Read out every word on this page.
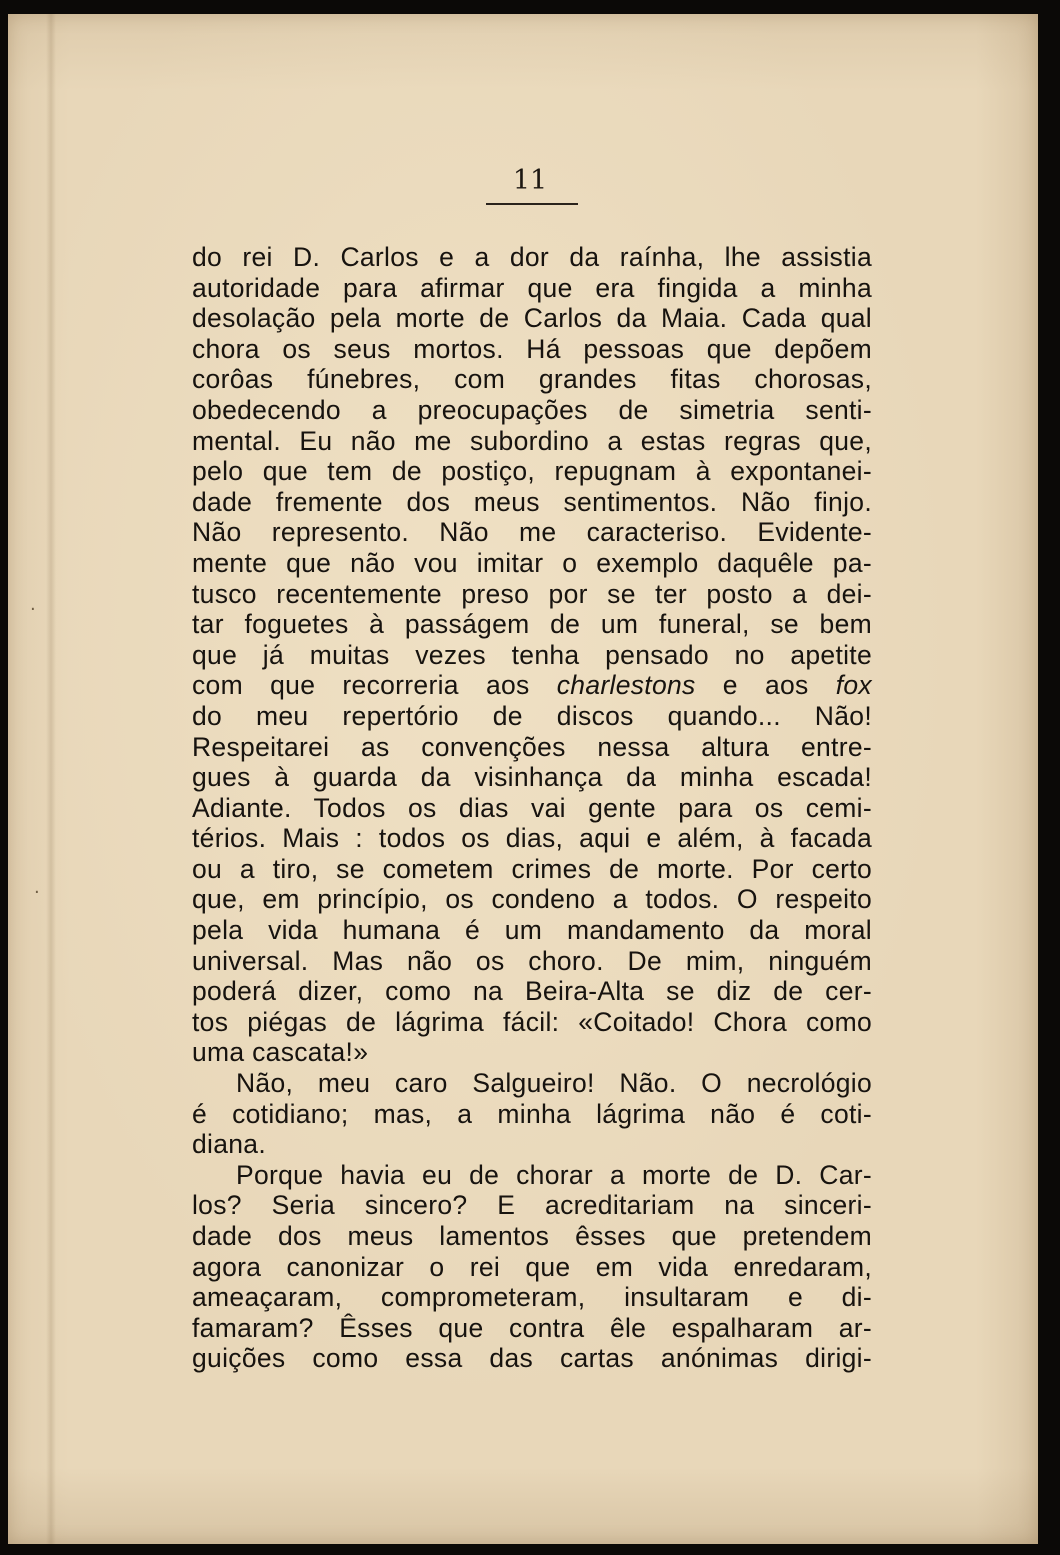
·
·
11
do rei D. Carlos e a dor da raínha, lhe assistia
autoridade para afirmar que era fingida a minha
desolação pela morte de Carlos da Maia. Cada qual
chora os seus mortos. Há pessoas que depõem
corôas fúnebres, com grandes fitas chorosas,
obedecendo a preocupações de simetria senti-
mental. Eu não me subordino a estas regras que,
pelo que tem de postiço, repugnam à expontanei-
dade fremente dos meus sentimentos. Não finjo.
Não represento. Não me caracteriso. Evidente-
mente que não vou imitar o exemplo daquêle pa-
tusco recentemente preso por se ter posto a dei-
tar foguetes à passágem de um funeral, se bem
que já muitas vezes tenha pensado no apetite
com que recorreria aos charlestons e aos fox
do meu repertório de discos quando... Não!
Respeitarei as convenções nessa altura entre-
gues à guarda da visinhança da minha escada!
Adiante. Todos os dias vai gente para os cemi-
térios. Mais : todos os dias, aqui e além, à facada
ou a tiro, se cometem crimes de morte. Por certo
que, em princípio, os condeno a todos. O respeito
pela vida humana é um mandamento da moral
universal. Mas não os choro. De mim, ninguém
poderá dizer, como na Beira-Alta se diz de cer-
tos piégas de lágrima fácil: «Coitado! Chora como
uma cascata!»
Não, meu caro Salgueiro! Não. O necrológio
é cotidiano; mas, a minha lágrima não é coti-
diana.
Porque havia eu de chorar a morte de D. Car-
los? Seria sincero? E acreditariam na sinceri-
dade dos meus lamentos êsses que pretendem
agora canonizar o rei que em vida enredaram,
ameaçaram, comprometeram, insultaram e di-
famaram? Êsses que contra êle espalharam ar-
guições como essa das cartas anónimas dirigi-
